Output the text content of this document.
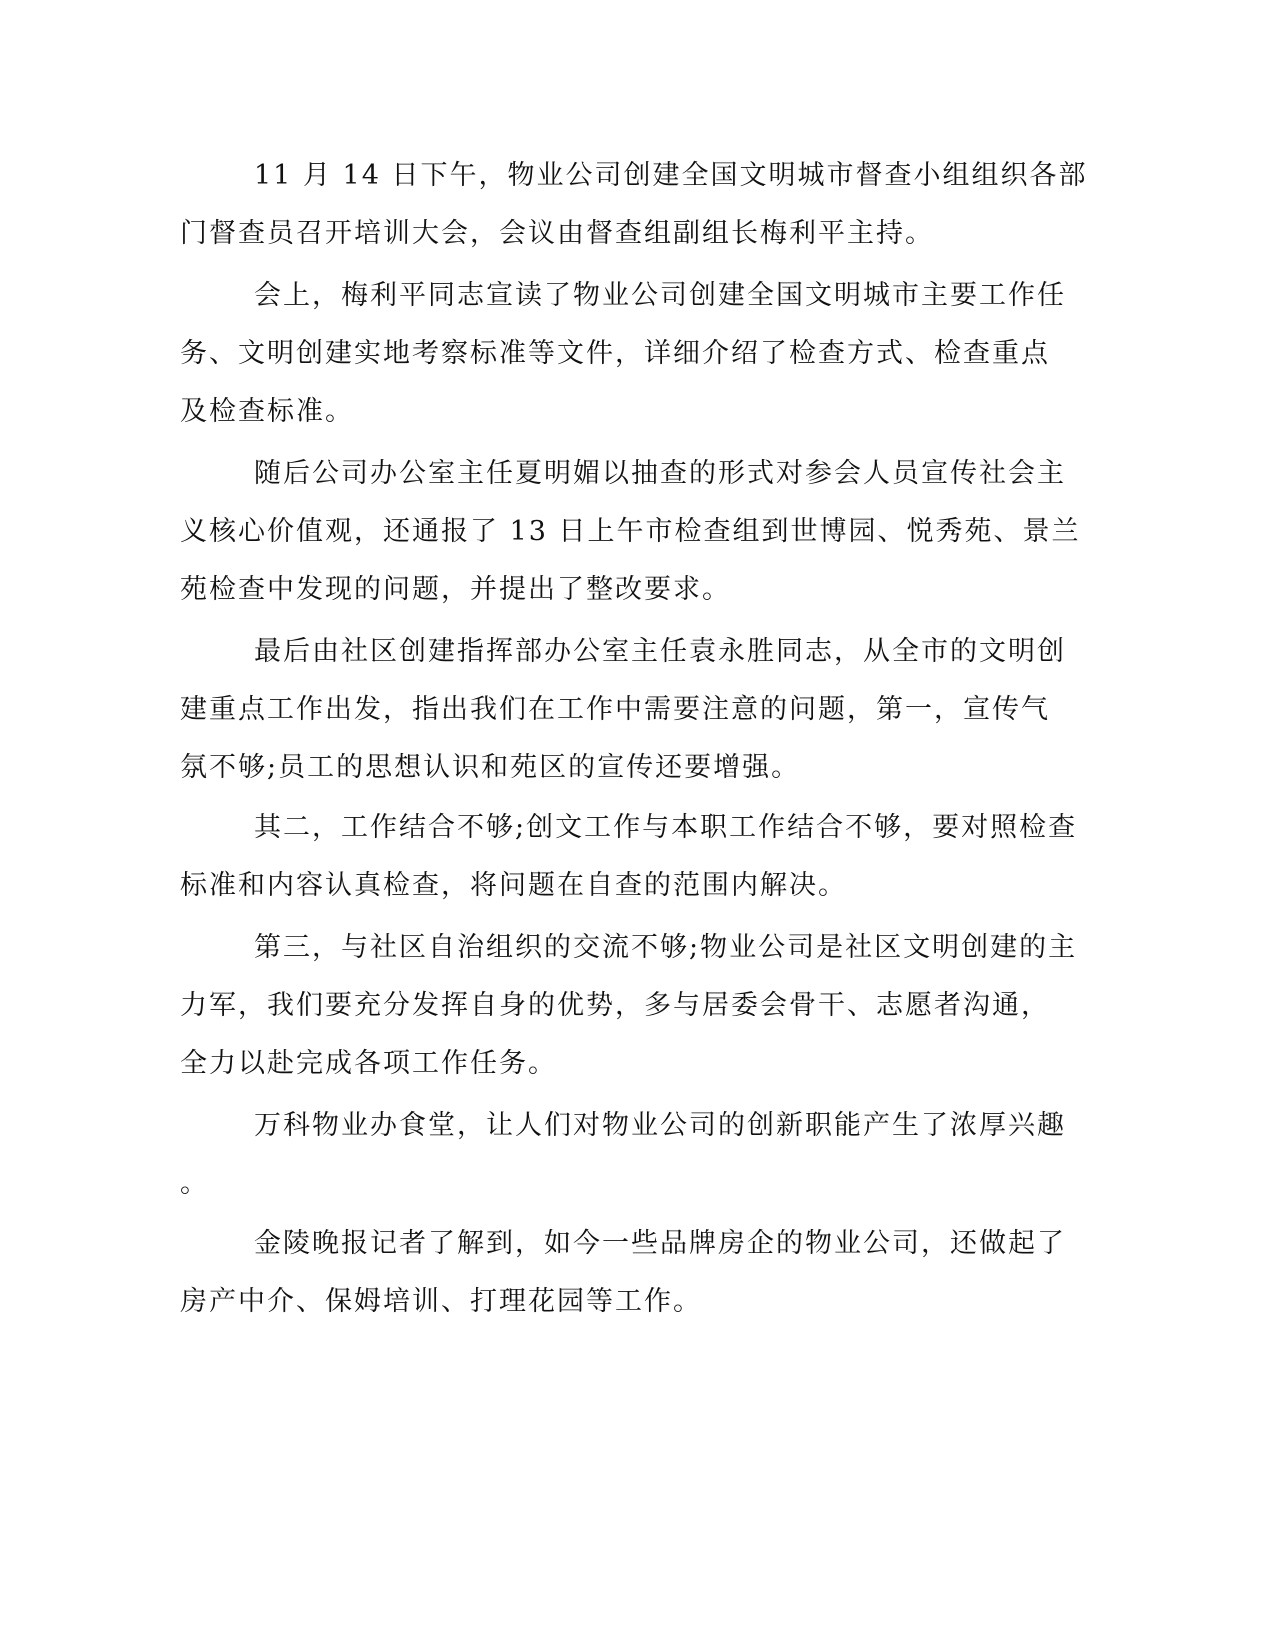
11 月 14 日下午，物业公司创建全国文明城市督查小组组织各部
门督查员召开培训大会，会议由督查组副组长梅利平主持。
会上，梅利平同志宣读了物业公司创建全国文明城市主要工作任
务、文明创建实地考察标准等文件，详细介绍了检查方式、检查重点
及检查标准。
随后公司办公室主任夏明媚以抽查的形式对参会人员宣传社会主
义核心价值观，还通报了 13 日上午市检查组到世博园、悦秀苑、景兰
苑检查中发现的问题，并提出了整改要求。
最后由社区创建指挥部办公室主任袁永胜同志，从全市的文明创
建重点工作出发，指出我们在工作中需要注意的问题，第一，宣传气
氛不够;员工的思想认识和苑区的宣传还要增强。
其二，工作结合不够;创文工作与本职工作结合不够，要对照检查
标准和内容认真检查，将问题在自查的范围内解决。
第三，与社区自治组织的交流不够;物业公司是社区文明创建的主
力军，我们要充分发挥自身的优势，多与居委会骨干、志愿者沟通，
全力以赴完成各项工作任务。
万科物业办食堂，让人们对物业公司的创新职能产生了浓厚兴趣
。
金陵晚报记者了解到，如今一些品牌房企的物业公司，还做起了
房产中介、保姆培训、打理花园等工作。
